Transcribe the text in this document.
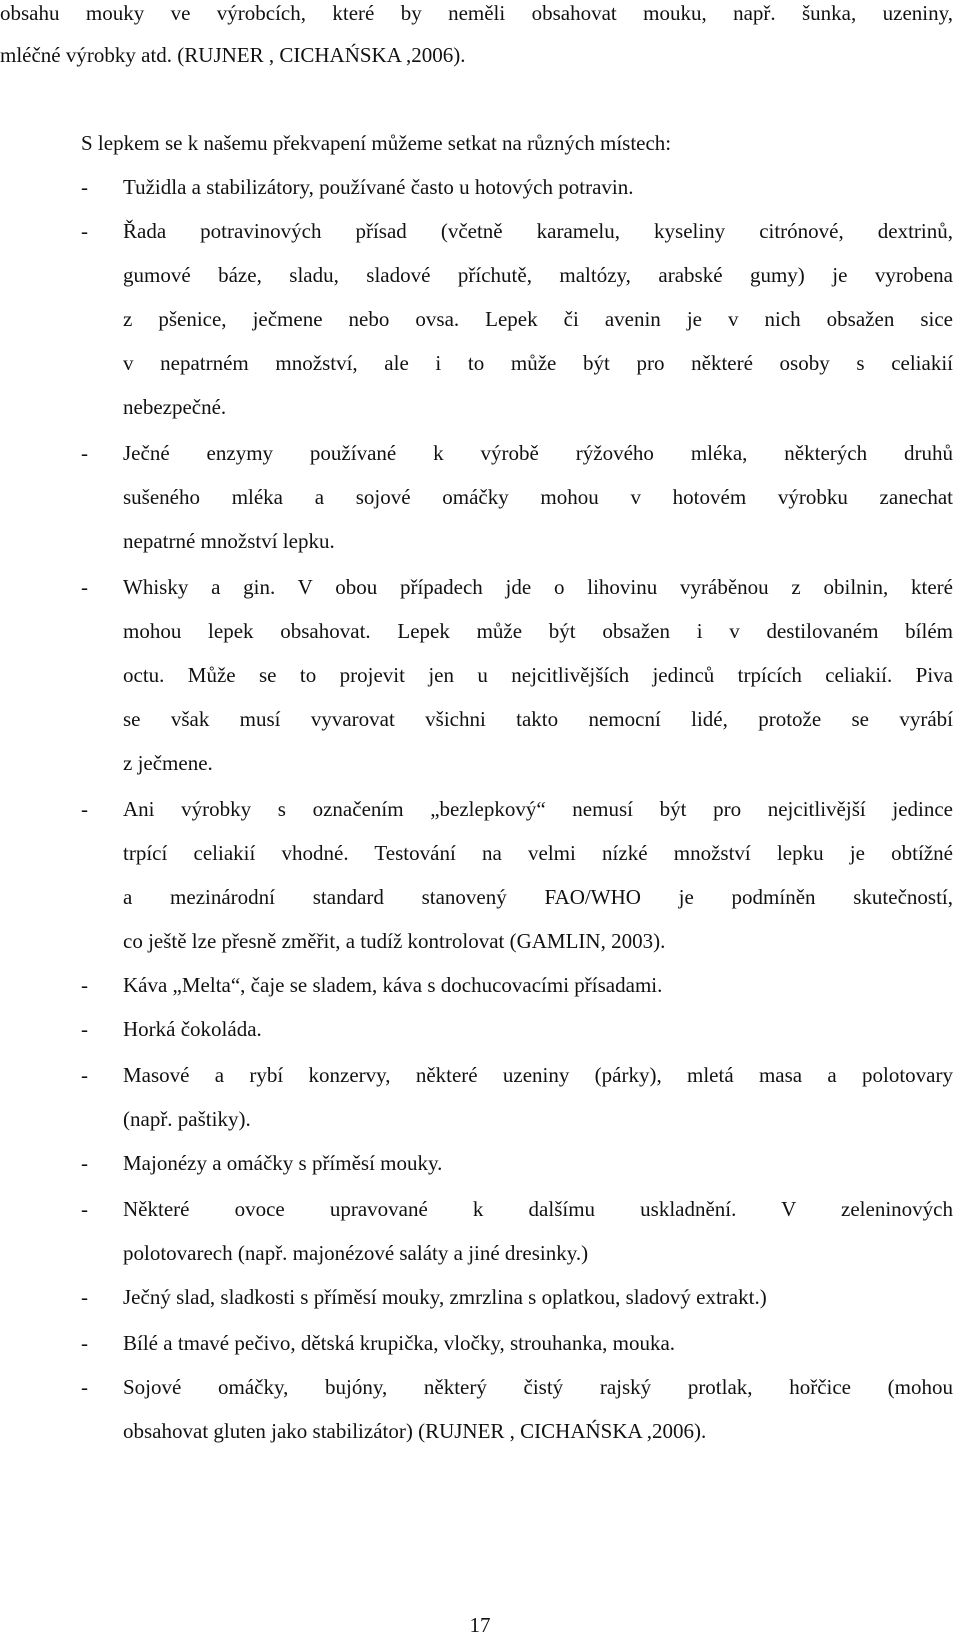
obsahu mouky ve výrobcích, které by neměli obsahovat mouku, např. šunka, uzeniny,

mléčné výrobky atd. (RUJNER , CICHAŃSKA ,2006).

S lepkem se k našemu překvapení můžeme setkat na různých místech:

- Tužidla a stabilizátory, používané často u hotových potravin.

- Řada potravinových přísad (včetně karamelu, kyseliny citrónové, dextrinů,

gumové báze, sladu, sladové příchutě, maltózy, arabské gumy) je vyrobena

z pšenice, ječmene nebo ovsa. Lepek či avenin je v nich obsažen sice

v nepatrném množství, ale i to může být pro některé osoby s celiakií

nebezpečné.

- Ječné enzymy používané k výrobě rýžového mléka, některých druhů

sušeného mléka a sojové omáčky mohou v hotovém výrobku zanechat

nepatrné množství lepku.

- Whisky a gin. V obou případech jde o lihovinu vyráběnou z obilnin, které

mohou lepek obsahovat. Lepek může být obsažen i v destilovaném bílém

octu. Může se to projevit jen u nejcitlivějších jedinců trpících celiakií. Piva

se však musí vyvarovat všichni takto nemocní lidé, protože se vyrábí

z ječmene.

- Ani výrobky s označením „bezlepkový“ nemusí být pro nejcitlivější jedince

trpící celiakií vhodné. Testování na velmi nízké množství lepku je obtížné

a mezinárodní standard stanovený FAO/WHO je podmíněn skutečností,

co ještě lze přesně změřit, a tudíž kontrolovat (GAMLIN, 2003).

- Káva „Melta“, čaje se sladem, káva s dochucovacími přísadami.

- Horká čokoláda.

- Masové a rybí konzervy, některé uzeniny (párky), mletá masa a polotovary

(např. paštiky).

- Majonézy a omáčky s příměsí mouky.

- Některé ovoce upravované k dalšímu uskladnění. V zeleninových

polotovarech (např. majonézové saláty a jiné dresinky.)

- Ječný slad, sladkosti s příměsí mouky, zmrzlina s oplatkou, sladový extrakt.)

- Bílé a tmavé pečivo, dětská krupička, vločky, strouhanka, mouka.

- Sojové omáčky, bujóny, některý čistý rajský protlak, hořčice (mohou

obsahovat gluten jako stabilizátor) (RUJNER , CICHAŃSKA ,2006).

17
